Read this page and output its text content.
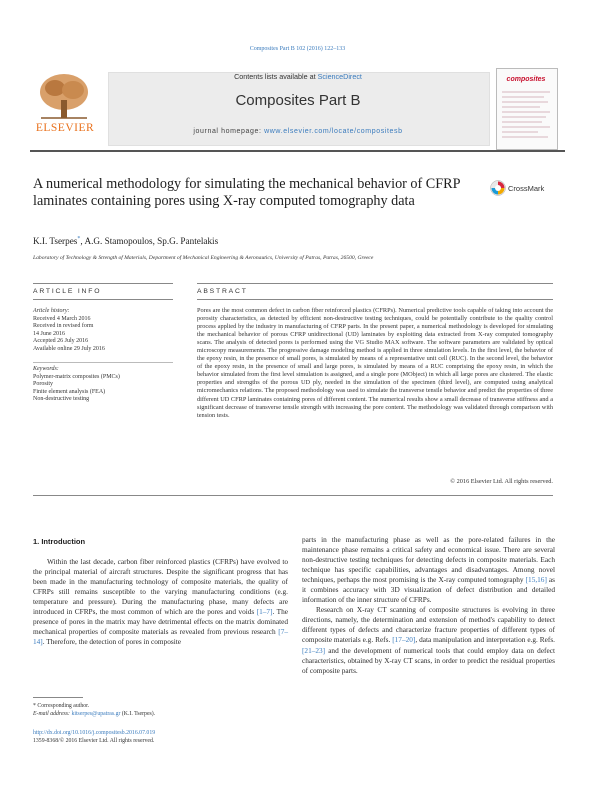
Composites Part B 102 (2016) 122–133
Contents lists available at ScienceDirect
Composites Part B
journal homepage: www.elsevier.com/locate/compositesb
ELSEVIER
composites
A numerical methodology for simulating the mechanical behavior of CFRP laminates containing pores using X-ray computed tomography data
CrossMark
K.I. Tserpes*, A.G. Stamopoulos, Sp.G. Pantelakis
Laboratory of Technology & Strength of Materials, Department of Mechanical Engineering & Aeronautics, University of Patras, Patras, 26500, Greece
ARTICLE INFO	ABSTRACT
Article history:
Received 4 March 2016
Received in revised form
14 June 2016
Accepted 26 July 2016
Available online 29 July 2016
Keywords:
Polymer-matrix composites (PMCs)
Porosity
Finite element analysis (FEA)
Non-destructive testing
Pores are the most common defect in carbon fiber reinforced plastics (CFRPs). Numerical predictive tools capable of taking into account the porosity characteristics, as detected by efficient non-destructive testing techniques, could be potentially contribute to the quality control process applied by the industry in manufacturing of CFRP parts. In the present paper, a numerical methodology is developed for simulating the mechanical behavior of porous CFRP unidirectional (UD) laminates by exploiting data extracted from X-ray computed tomography scans. The analysis of detected pores is performed using the VG Studio MAX software. The software parameters are validated by optical microscopy measurements. The progressive damage modeling method is applied in three simulation levels. In the first level, the behavior of the epoxy resin, in the presence of small pores, is simulated by means of a representative unit cell (RUC). In the second level, the behavior of the epoxy resin, in the presence of small and large pores, is simulated by means of a RUC comprising the epoxy resin, in which the behavior simulated from the first level simulation is assigned, and a single pore (MObject) in which all large pores are clustered. The elastic properties and strengths of the porous UD ply, needed in the simulation of the specimen (third level), are computed using analytical micromechanics relations. The proposed methodology was used to simulate the transverse tensile behavior and predict the properties of three different UD CFRP laminates containing pores of different content. The numerical results show a small decrease of transverse stiffness and a significant decrease of transverse tensile strength with increasing the pore content. The methodology was validated through comparison with tension tests.
© 2016 Elsevier Ltd. All rights reserved.
1. Introduction

Within the last decade, carbon fiber reinforced plastics (CFRPs) have evolved to the principal material of aircraft structures. Despite the significant progress that has been made in the manufacturing technology of composite materials, the quality of CFRPs still remains susceptible to the varying manufacturing conditions (e.g. temperature and pressure). During the manufacturing phase, many defects are introduced in CFRPs, the most common of which are the pores and voids [1–7]. The presence of pores in the matrix may have detrimental effects on the matrix dominated mechanical properties of composite materials as revealed from previous research [7–14]. Therefore, the detection of pores in composite

parts in the manufacturing phase as well as the pore-related failures in the maintenance phase remains a critical safety and economical issue. There are several non-destructive testing techniques for detecting defects in composite materials. Each technique has specific capabilities, advantages and disadvantages. Among novel techniques, perhaps the most promising is the X-ray computed tomography [15,16] as it combines accuracy with 3D visualization of defect distribution and detailed information of the inner structure of CFRPs.

Research on X-ray CT scanning of composite structures is evolving in three directions, namely, the determination and extension of method's capability to detect different types of defects and characterize fracture properties of different types of composite materials e.g. Refs. [17–20], data manipulation and interpretation e.g. Refs. [21–23] and the development of numerical tools that could employ data on defect characteristics, obtained by X-ray CT scans, in order to predict the residual properties of composite parts.

* Corresponding author.
E-mail address: kitserpes@upatras.gr (K.I. Tserpes).
http://dx.doi.org/10.1016/j.compositesb.2016.07.019
1359-8368/© 2016 Elsevier Ltd. All rights reserved.
